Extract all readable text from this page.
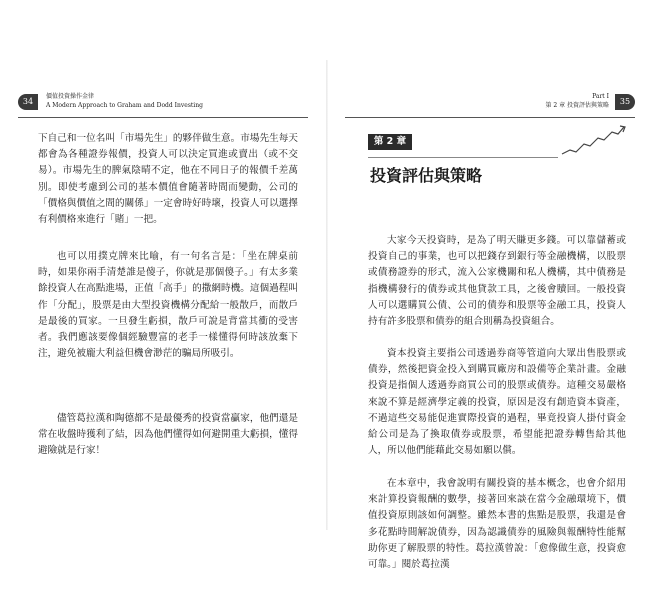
34
價值投資操作金律
A Modern Approach to Graham and Dodd Investing
Part I
第 2 章 投資評估與策略	35

下自己和一位名叫「市場先生」的夥伴做生意。市場先生每天都會為各種證券報價，投資人可以決定買進或賣出（或不交易）。市場先生的脾氣陰晴不定，他在不同日子的報價千差萬別。即使考慮到公司的基本價值會隨著時間而變動，公司的「價格與價值之間的關係」一定會時好時壞，投資人可以選擇有利價格來進行「賭」一把。

也可以用撲克牌來比喻，有一句名言是：「坐在牌桌前時，如果你兩手清楚誰是傻子，你就是那個傻子。」有太多業餘投資人在高點進場，正值「高手」的撒網時機。這個過程叫作「分配」，股票是由大型投資機構分配給一般散戶，而散戶是最後的買家。一旦發生虧損，散戶可說是背當其衝的受害者。我們應該要像個經驗豐富的老手一樣懂得何時該放棄下注，避免被龐大利益但機會渺茫的騙局所吸引。

儘管葛拉漢和陶德都不是最優秀的投資當贏家，他們還是常在收盤時獲利了結，因為他們懂得如何避開重大虧損，懂得避險就是行家！

第 2 章
投資評估與策略

大家今天投資時，是為了明天賺更多錢。可以靠儲蓄或投資自己的事業，也可以把錢存到銀行等金融機構，以股票或債務證券的形式，流入公家機關和私人機構，其中債務是指機構發行的債券或其他貸款工具，之後會贖回。一般投資人可以選購買公債、公司的債券和股票等金融工具，投資人持有許多股票和債券的組合則稱為投資組合。

資本投資主要指公司透過券商等管道向大眾出售股票或債券，然後把資金投入到購買廠房和設備等企業計畫。金融投資是指個人透過券商買公司的股票或債券。這種交易嚴格來說不算是經濟學定義的投資，原因是沒有創造資本資產，不過這些交易能促進實際投資的過程，畢竟投資人掛付資金給公司是為了換取債券或股票，希望能把證券轉售給其他人，所以他們能藉此交易如願以償。

在本章中，我會說明有關投資的基本概念，也會介紹用來計算投資報酬的數學，接著回來談在當今金融環境下，價值投資原則該如何調整。雖然本書的焦點是股票，我還是會多花點時間解說債券，因為認識債券的風險與報酬特性能幫助你更了解股票的特性。葛拉漢曾說：「愈像做生意，投資愈可靠。」閱於葛拉漢
